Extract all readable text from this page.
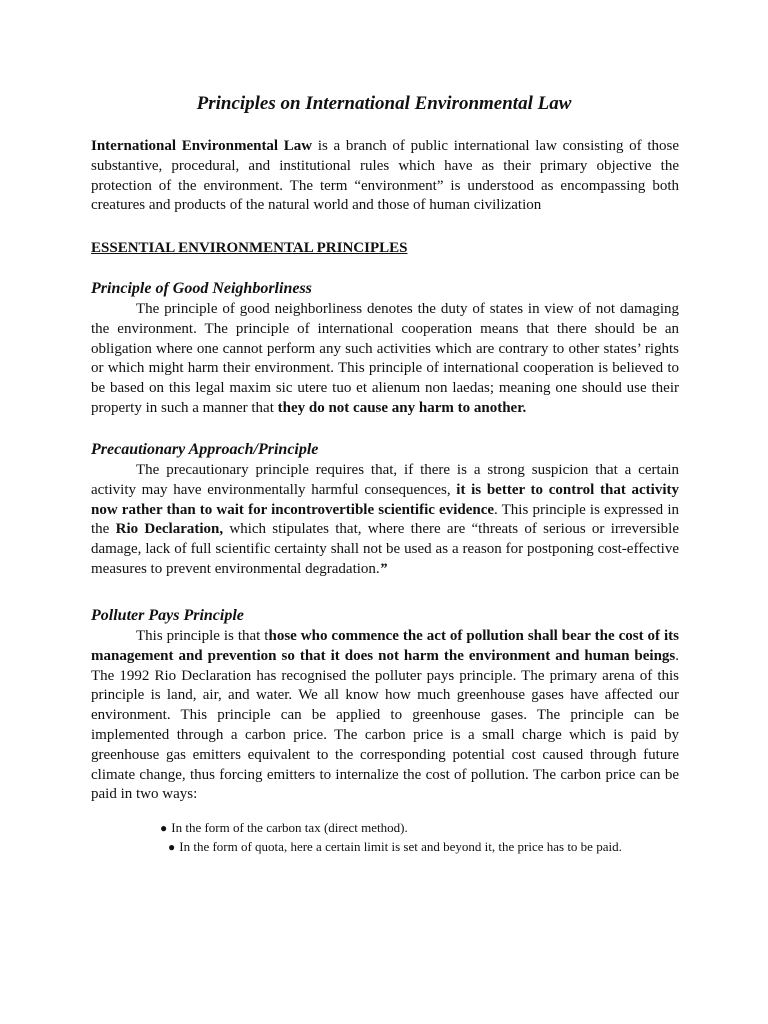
Principles on International Environmental Law

International Environmental Law is a branch of public international law consisting of those substantive, procedural, and institutional rules which have as their primary objective the protection of the environment. The term “environment” is understood as encompassing both creatures and products of the natural world and those of human civilization

ESSENTIAL ENVIRONMENTAL PRINCIPLES
Principle of Good Neighborliness

The principle of good neighborliness denotes the duty of states in view of not damaging the environment. The principle of international cooperation means that there should be an obligation where one cannot perform any such activities which are contrary to other states’ rights or which might harm their environment. This principle of international cooperation is believed to be based on this legal maxim sic utere tuo et alienum non laedas; meaning one should use their property in such a manner that they do not cause any harm to another.

Precautionary Approach/Principle

The precautionary principle requires that, if there is a strong suspicion that a certain activity may have environmentally harmful consequences, it is better to control that activity now rather than to wait for incontrovertible scientific evidence. This principle is expressed in the Rio Declaration, which stipulates that, where there are “threats of serious or irreversible damage, lack of full scientific certainty shall not be used as a reason for postponing cost-effective measures to prevent environmental degradation.”

Polluter Pays Principle

This principle is that those who commence the act of pollution shall bear the cost of its management and prevention so that it does not harm the environment and human beings. The 1992 Rio Declaration has recognised the polluter pays principle. The primary arena of this principle is land, air, and water. We all know how much greenhouse gases have affected our environment. This principle can be applied to greenhouse gases. The principle can be implemented through a carbon price. The carbon price is a small charge which is paid by greenhouse gas emitters equivalent to the corresponding potential cost caused through future climate change, thus forcing emitters to internalize the cost of pollution. The carbon price can be paid in two ways:

● In the form of the carbon tax (direct method).
● In the form of quota, here a certain limit is set and beyond it, the price has to be paid.
